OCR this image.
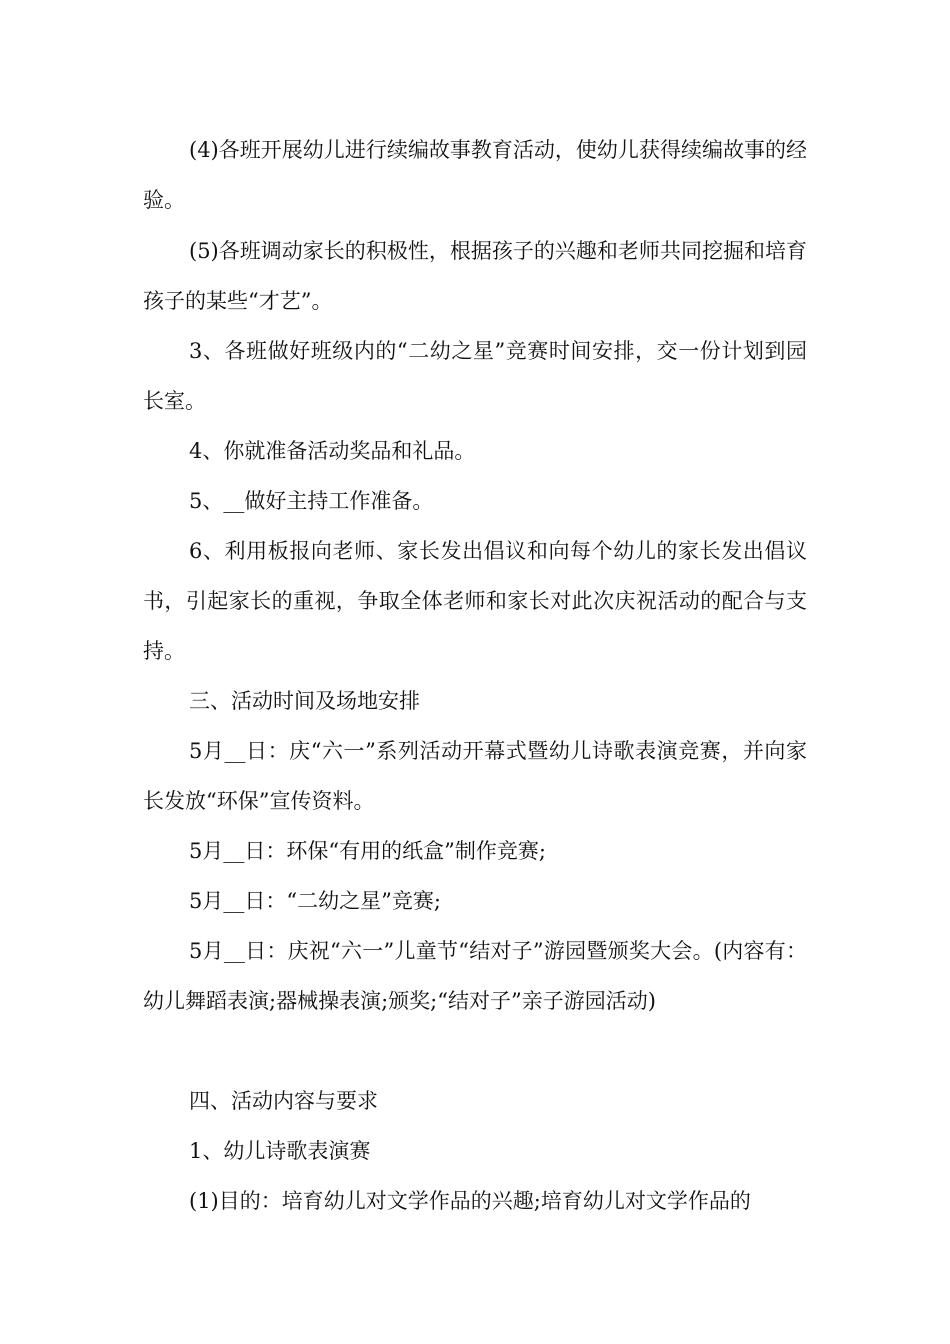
(4)各班开展幼儿进行续编故事教育活动，使幼儿获得续编故事的经验。

(5)各班调动家长的积极性，根据孩子的兴趣和老师共同挖掘和培育孩子的某些“才艺”。

3、各班做好班级内的“二幼之星”竞赛时间安排，交一份计划到园长室。

4、你就准备活动奖品和礼品。

5、__做好主持工作准备。

6、利用板报向老师、家长发出倡议和向每个幼儿的家长发出倡议书，引起家长的重视，争取全体老师和家长对此次庆祝活动的配合与支持。

三、活动时间及场地安排

5月__日：庆“六一”系列活动开幕式暨幼儿诗歌表演竞赛，并向家长发放“环保”宣传资料。

5月__日：环保“有用的纸盒”制作竞赛;

5月__日：“二幼之星”竞赛;

5月__日：庆祝“六一”儿童节“结对子”游园暨颁奖大会。(内容有：幼儿舞蹈表演;器械操表演;颁奖;“结对子”亲子游园活动)

四、活动内容与要求

1、幼儿诗歌表演赛

(1)目的：培育幼儿对文学作品的兴趣;培育幼儿对文学作品的
